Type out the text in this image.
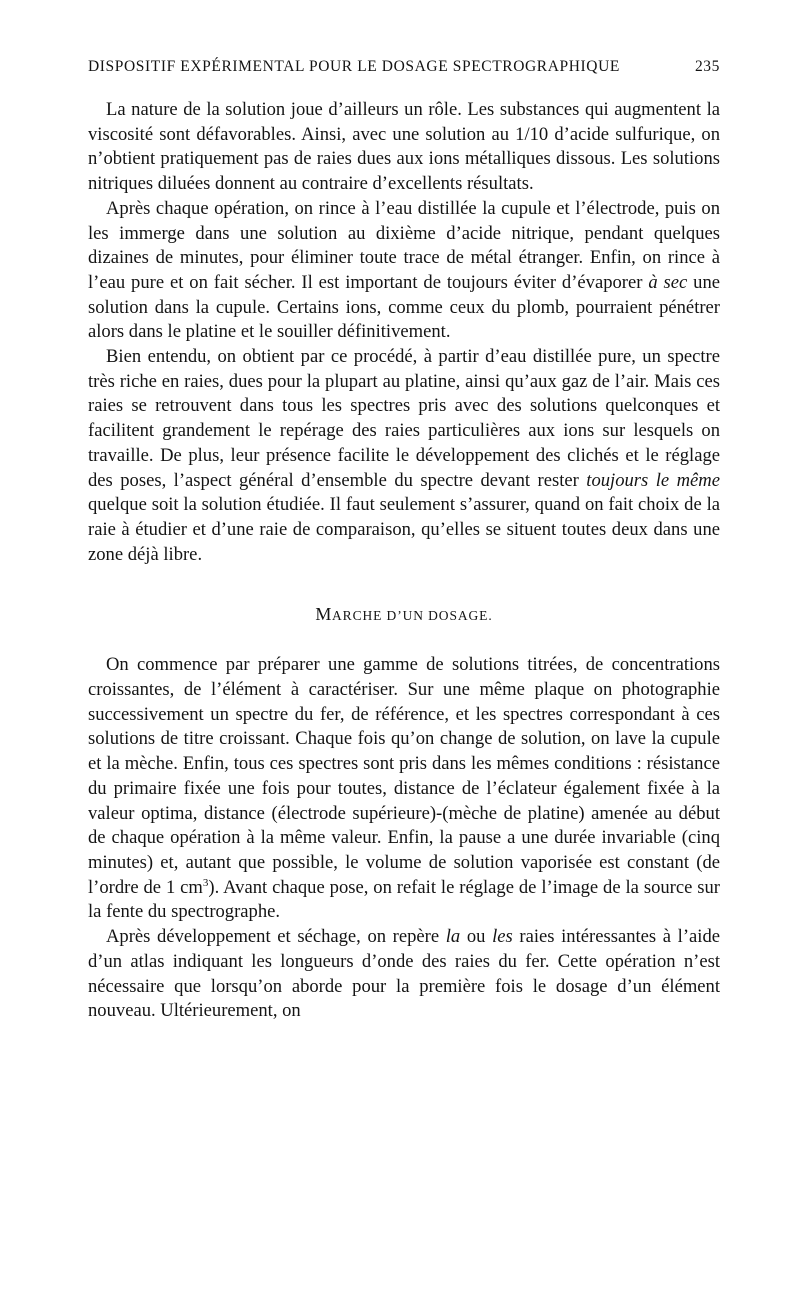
DISPOSITIF EXPÉRIMENTAL POUR LE DOSAGE SPECTROGRAPHIQUE	235

La nature de la solution joue d’ailleurs un rôle. Les substances qui augmentent la viscosité sont défavorables. Ainsi, avec une solution au 1/10 d’acide sulfurique, on n’obtient pratiquement pas de raies dues aux ions métalliques dissous. Les solutions nitriques diluées donnent au contraire d’excellents résultats.

Après chaque opération, on rince à l’eau distillée la cupule et l’électrode, puis on les immerge dans une solution au dixième d’acide nitrique, pendant quelques dizaines de minutes, pour éliminer toute trace de métal étranger. Enfin, on rince à l’eau pure et on fait sécher. Il est important de toujours éviter d’évaporer à sec une solution dans la cupule. Certains ions, comme ceux du plomb, pourraient pénétrer alors dans le platine et le souiller définitivement.

Bien entendu, on obtient par ce procédé, à partir d’eau distillée pure, un spectre très riche en raies, dues pour la plupart au platine, ainsi qu’aux gaz de l’air. Mais ces raies se retrouvent dans tous les spectres pris avec des solutions quelconques et facilitent grandement le repérage des raies particulières aux ions sur lesquels on travaille. De plus, leur présence facilite le développement des clichés et le réglage des poses, l’aspect général d’ensemble du spectre devant rester toujours le même quelque soit la solution étudiée. Il faut seulement s’assurer, quand on fait choix de la raie à étudier et d’une raie de comparaison, qu’elles se situent toutes deux dans une zone déjà libre.

MARCHE D’UN DOSAGE.

On commence par préparer une gamme de solutions titrées, de concentrations croissantes, de l’élément à caractériser. Sur une même plaque on photographie successivement un spectre du fer, de référence, et les spectres correspondant à ces solutions de titre croissant. Chaque fois qu’on change de solution, on lave la cupule et la mèche. Enfin, tous ces spectres sont pris dans les mêmes conditions : résistance du primaire fixée une fois pour toutes, distance de l’éclateur également fixée à la valeur optima, distance (électrode supérieure)-(mèche de platine) amenée au début de chaque opération à la même valeur. Enfin, la pause a une durée invariable (cinq minutes) et, autant que possible, le volume de solution vaporisée est constant (de l’ordre de 1 $cm^3$). Avant chaque pose, on refait le réglage de l’image de la source sur la fente du spectrographe.

Après développement et séchage, on repère la ou les raies intéressantes à l’aide d’un atlas indiquant les longueurs d’onde des raies du fer. Cette opération n’est nécessaire que lorsqu’on aborde pour la première fois le dosage d’un élément nouveau. Ultérieurement, on
